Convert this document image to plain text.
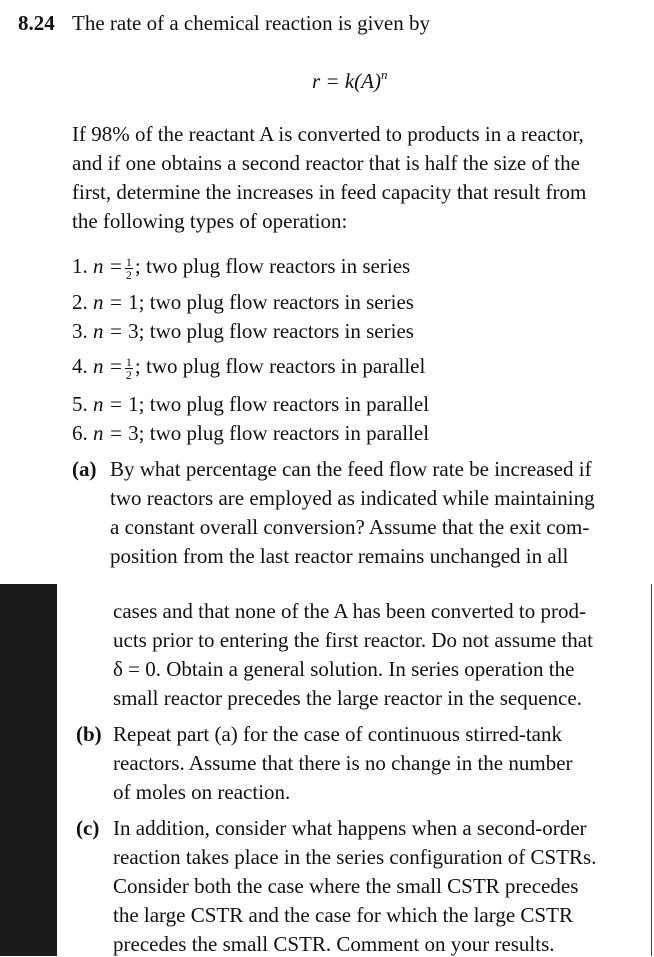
8.24 The rate of a chemical reaction is given by
$r = k(A)^n$
If 98% of the reactant A is converted to products in a reactor,
and if one obtains a second reactor that is half the size of the
first, determine the increases in feed capacity that result from
the following types of operation:
1. $n = \frac{1}{2}$ ; two plug flow reactors in series
2. n = 1; two plug flow reactors in series
3. n = 3; two plug flow reactors in series
4. $n = \frac{1}{2}$ ; two plug flow reactors in parallel
5. n = 1; two plug flow reactors in parallel
6. n = 3; two plug flow reactors in parallel
(a) By what percentage can the feed flow rate be increased if
two reactors are employed as indicated while maintaining
a constant overall conversion? Assume that the exit com-
position from the last reactor remains unchanged in all
cases and that none of the A has been converted to prod-
ucts prior to entering the first reactor. Do not assume that
δ = 0. Obtain a general solution. In series operation the
small reactor precedes the large reactor in the sequence.
(b) Repeat part (a) for the case of continuous stirred-tank
reactors. Assume that there is no change in the number
of moles on reaction.
(c) In addition, consider what happens when a second-order
reaction takes place in the series configuration of CSTRs.
Consider both the case where the small CSTR precedes
the large CSTR and the case for which the large CSTR
precedes the small CSTR. Comment on your results.
